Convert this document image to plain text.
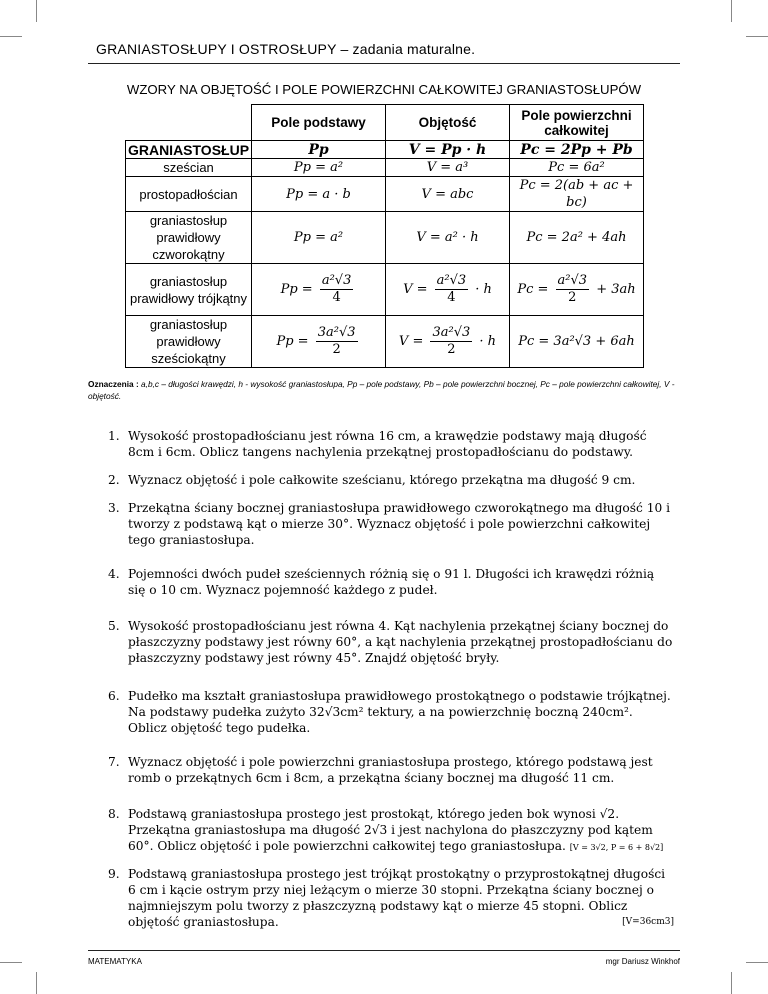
GRANIASTOSŁUPY I OSTROSŁUPY – zadania maturalne.
WZORY NA OBJĘTOŚĆ I POLE POWIERZCHNI CAŁKOWITEJ GRANIASTOSŁUPÓW
	Pole podstawy	Objętość	Pole powierzchni całkowitej
GRANIASTOSŁUP	Pp	V = Pp · h	Pc = 2Pp + Pb
sześcian	Pp = a²	V = a³	Pc = 6a²
prostopadłościan	Pp = a · b	V = abc	Pc = 2(ab + ac + bc)
graniastosłup prawidłowy czworokątny	Pp = a²	V = a² · h	Pc = 2a² + 4ah
graniastosłup prawidłowy trójkątny	$Pp = \frac{\text{a²√3}}{4}$	$V = \frac{\text{a²√3}}{4} \cdot h$	$Pc = \frac{\text{a²√3}}{2} + 3ah$
graniastosłup prawidłowy sześciokątny	$Pp = \frac{\text{3a²√3}}{2}$	$V = \frac{\text{3a²√3}}{2} \cdot h$	Pc = 3a²√3 + 6ah
Oznaczenia : a,b,c – długości krawędzi, h - wysokość graniastosłupa, Pp – pole podstawy, Pb – pole powierzchni bocznej, Pc – pole powierzchni całkowitej, V - objętość.
1. Wysokość prostopadłościanu jest równa 16 cm, a krawędzie podstawy mają długość 8cm i 6cm. Oblicz tangens nachylenia przekątnej prostopadłościanu do podstawy.
2. Wyznacz objętość i pole całkowite sześcianu, którego przekątna ma długość 9 cm.
3. Przekątna ściany bocznej graniastosłupa prawidłowego czworokątnego ma długość 10 i tworzy z podstawą kąt o mierze 30°. Wyznacz objętość i pole powierzchni całkowitej tego graniastosłupa.
4. Pojemności dwóch pudeł sześciennych różnią się o 91 l. Długości ich krawędzi różnią się o 10 cm. Wyznacz pojemność każdego z pudeł.
5. Wysokość prostopadłościanu jest równa 4. Kąt nachylenia przekątnej ściany bocznej do płaszczyzny podstawy jest równy 60°, a kąt nachylenia przekątnej prostopadłościanu do płaszczyzny podstawy jest równy 45°. Znajdź objętość bryły.
6. Pudełko ma kształt graniastosłupa prawidłowego prostokątnego o podstawie trójkątnej. Na podstawy pudełka zużyto 32√3cm² tektury, a na powierzchnię boczną 240cm². Oblicz objętość tego pudełka.
7. Wyznacz objętość i pole powierzchni graniastosłupa prostego, którego podstawą jest romb o przekątnych 6cm i 8cm, a przekątna ściany bocznej ma długość 11 cm.
8. Podstawą graniastosłupa prostego jest prostokąt, którego jeden bok wynosi √2. Przekątna graniastosłupa ma długość 2√3 i jest nachylona do płaszczyzny pod kątem 60°. Oblicz objętość i pole powierzchni całkowitej tego graniastosłupa. [V = 3√2, P = 6 + 8√2]
9. Podstawą graniastosłupa prostego jest trójkąt prostokątny o przyprostokątnej długości 6 cm i kącie ostrym przy niej leżącym o mierze 30 stopni. Przekątna ściany bocznej o najmniejszym polu tworzy z płaszczyzną podstawy kąt o mierze 45 stopni. Oblicz objętość graniastosłupa.	[V=36cm3]
MATEMATYKA	mgr Dariusz Winkhof
